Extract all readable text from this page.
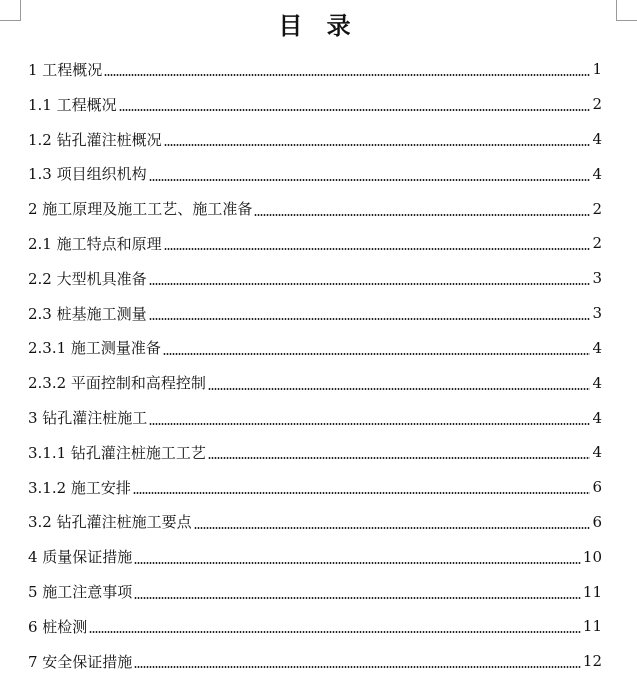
目 录
1 工程概况	1
1.1 工程概况	2
1.2 钻孔灌注桩概况	4
1.3 项目组织机构	4
2 施工原理及施工工艺、施工准备	2
2.1 施工特点和原理	2
2.2 大型机具准备	3
2.3 桩基施工测量	3
2.3.1 施工测量准备	4
2.3.2 平面控制和高程控制	4
3 钻孔灌注桩施工	4
3.1.1 钻孔灌注桩施工工艺	4
3.1.2 施工安排	6
3.2 钻孔灌注桩施工要点	6
4 质量保证措施	10
5 施工注意事项	11
6 桩检测	11
7 安全保证措施	12
